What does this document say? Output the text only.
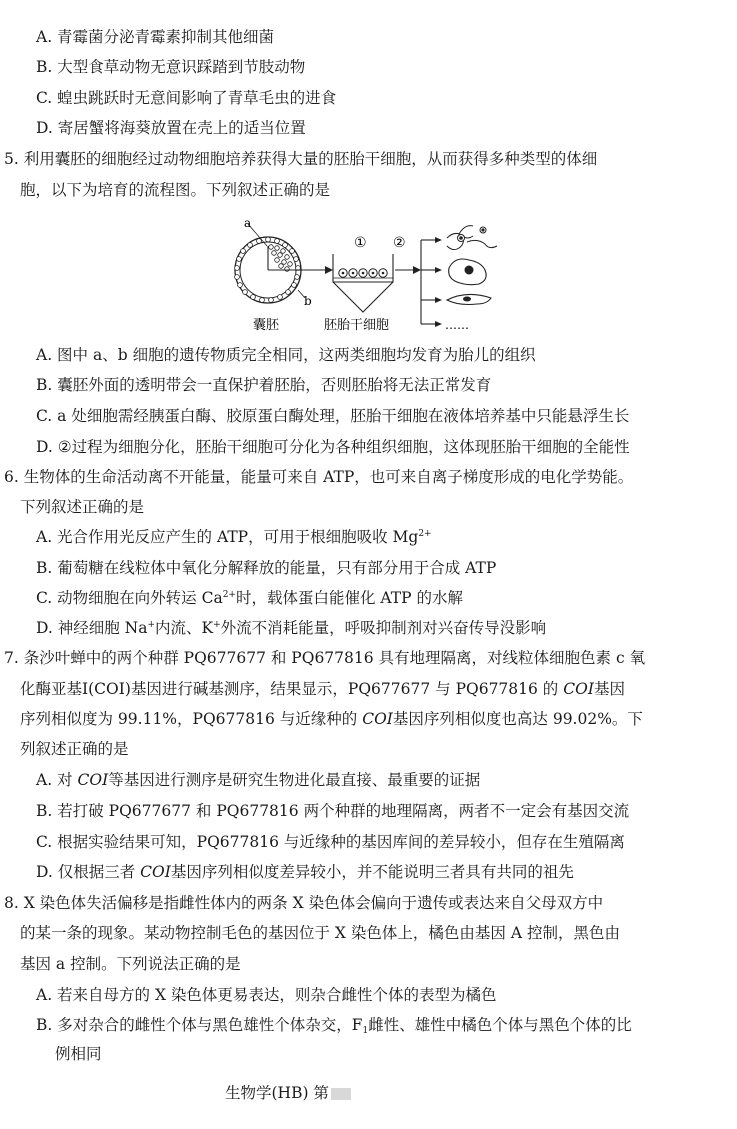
A. 青霉菌分泌青霉素抑制其他细菌
B. 大型食草动物无意识踩踏到节肢动物
C. 蝗虫跳跃时无意间影响了青草毛虫的进食
D. 寄居蟹将海葵放置在壳上的适当位置
5. 利用囊胚的细胞经过动物细胞培养获得大量的胚胎干细胞，从而获得多种类型的体细
胞，以下为培育的流程图。下列叙述正确的是
a
b
① ②
……
囊胚	胚胎干细胞
A. 图中 a、b 细胞的遗传物质完全相同，这两类细胞均发育为胎儿的组织
B. 囊胚外面的透明带会一直保护着胚胎，否则胚胎将无法正常发育
C. a 处细胞需经胰蛋白酶、胶原蛋白酶处理，胚胎干细胞在液体培养基中只能悬浮生长
D. ②过程为细胞分化，胚胎干细胞可分化为各种组织细胞，这体现胚胎干细胞的全能性
6. 生物体的生命活动离不开能量，能量可来自 ATP，也可来自离子梯度形成的电化学势能。
下列叙述正确的是
A. 光合作用光反应产生的 ATP，可用于根细胞吸收 $Mg^{2+}$
B. 葡萄糖在线粒体中氧化分解释放的能量，只有部分用于合成 ATP
C. 动物细胞在向外转运 $Ca^{2+}$时，载体蛋白能催化 ATP 的水解
D. 神经细胞 Na+内流、K+外流不消耗能量，呼吸抑制剂对兴奋传导没影响
7. 条沙叶蝉中的两个种群 PQ677677 和 PQ677816 具有地理隔离，对线粒体细胞色素 c 氧
化酶亚基Ⅰ(COⅠ)基因进行碱基测序，结果显示，PQ677677 与 PQ677816 的 COI基因
序列相似度为 99.11%，PQ677816 与近缘种的 COI基因序列相似度也高达 99.02%。下
列叙述正确的是
A. 对 COI等基因进行测序是研究生物进化最直接、最重要的证据
B. 若打破 PQ677677 和 PQ677816 两个种群的地理隔离，两者不一定会有基因交流
C. 根据实验结果可知，PQ677816 与近缘种的基因库间的差异较小，但存在生殖隔离
D. 仅根据三者 COI基因序列相似度差异较小，并不能说明三者具有共同的祖先
8. X 染色体失活偏移是指雌性体内的两条 X 染色体会偏向于遗传或表达来自父母双方中
的某一条的现象。某动物控制毛色的基因位于 X 染色体上，橘色由基因 A 控制，黑色由
基因 a 控制。下列说法正确的是
A. 若来自母方的 X 染色体更易表达，则杂合雌性个体的表型为橘色
B. 多对杂合的雌性个体与黑色雄性个体杂交，$F_1$雌性、雄性中橘色个体与黑色个体的比
例相同
生物学(HB) 第
